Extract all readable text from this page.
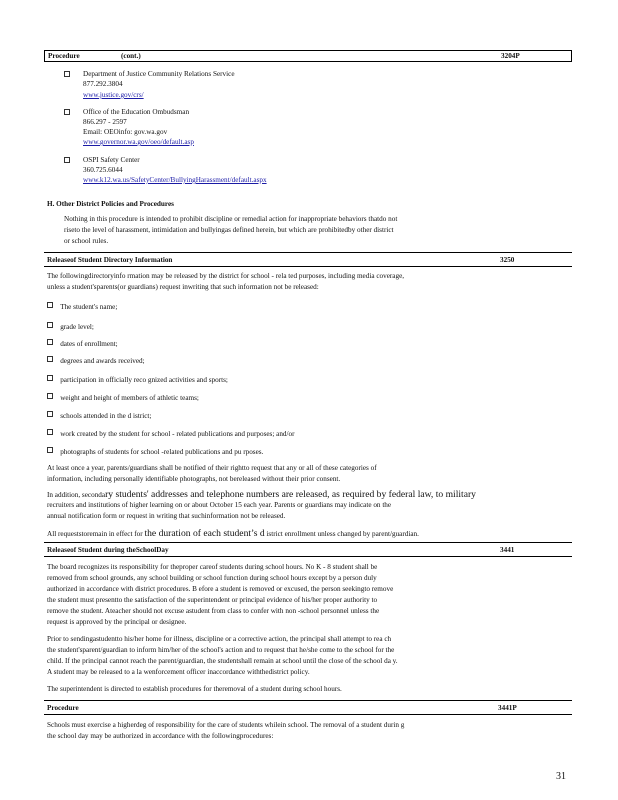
Procedure	(cont.)	3204P
Department of Justice Community Relations Service
877.292.3804
www.justice.gov/crs/
Office of the Education Ombudsman
866.297 - 2597
Email: OEOinfo: gov.wa.gov
www.governor.wa.gov/oeo/default.asp
OSPI Safety Center
360.725.6044
www.k12.wa.us/SafetyCenter/BullyingHarassment/default.aspx
H. Other District Policies and Procedures
Nothing in this procedure is intended to prohibit discipline or remedial action for inappropriate behaviors thatdo not
riseto the level of harassment, intimidation and bullyingas defined herein, but which are prohibitedby other district
or school rules.
Releaseof Student Directory Information	3250
The followingdirectoryinfo rmation may be released by the district for school - rela ted purposes, including media coverage,
unless a student'sparents(or guardians) request inwriting that such information not be released:
The student's name;
grade level;
dates of enrollment;
degrees and awards received;
participation in officially reco gnized activities and sports;
weight and height of members of athletic teams;
schools attended in the d istrict;
work created by the student for school - related publications and purposes; and/or
photographs of students for school -related publications and pu rposes.
At least once a year, parents/guardians shall be notified of their rightto request that any or all of these categories of
information, including personally identifiable photographs, not bereleased without their prior consent.
In addition, secondary students' addresses and telephone numbers are released, as required by federal law, to military
recruiters and institutions of higher learning on or about October 15 each year. Parents or guardians may indicate on the
annual notification form or request in writing that suchinformation not be released.
All requeststoremain in effect for the duration of each student’s d istrict enrollment unless changed by parent/guardian.
Releaseof Student during theSchoolDay	3441
The board recognizes its responsibility for theproper careof students during school hours. No K - 8 student shall be
removed from school grounds, any school building or school function during school hours except by a person duly
authorized in accordance with district procedures. B efore a student is removed or excused, the person seekingto remove
the student must presentto the satisfaction of the superintendent or principal evidence of his/her proper authority to
remove the student. Ateacher should not excuse astudent from class to confer with non -school personnel unless the
request is approved by the principal or designee.
Prior to sendingastudentto his/her home for illness, discipline or a corrective action, the principal shall attempt to rea ch
the student'sparent/guardian to inform him/her of the school's action and to request that he/she come to the school for the
child. If the principal cannot reach the parent/guardian, the studentshall remain at school until the close of the school da y.
A student may be released to a la wenforcement officer inaccordance withthedistrict policy.
The superintendent is directed to establish procedures for theremoval of a student during school hours.
Procedure	3441P
Schools must exercise a higherdeg of responsibility for the care of students whilein school. The removal of a student durin g
the school day may be authorized in accordance with the followingprocedures:
31
